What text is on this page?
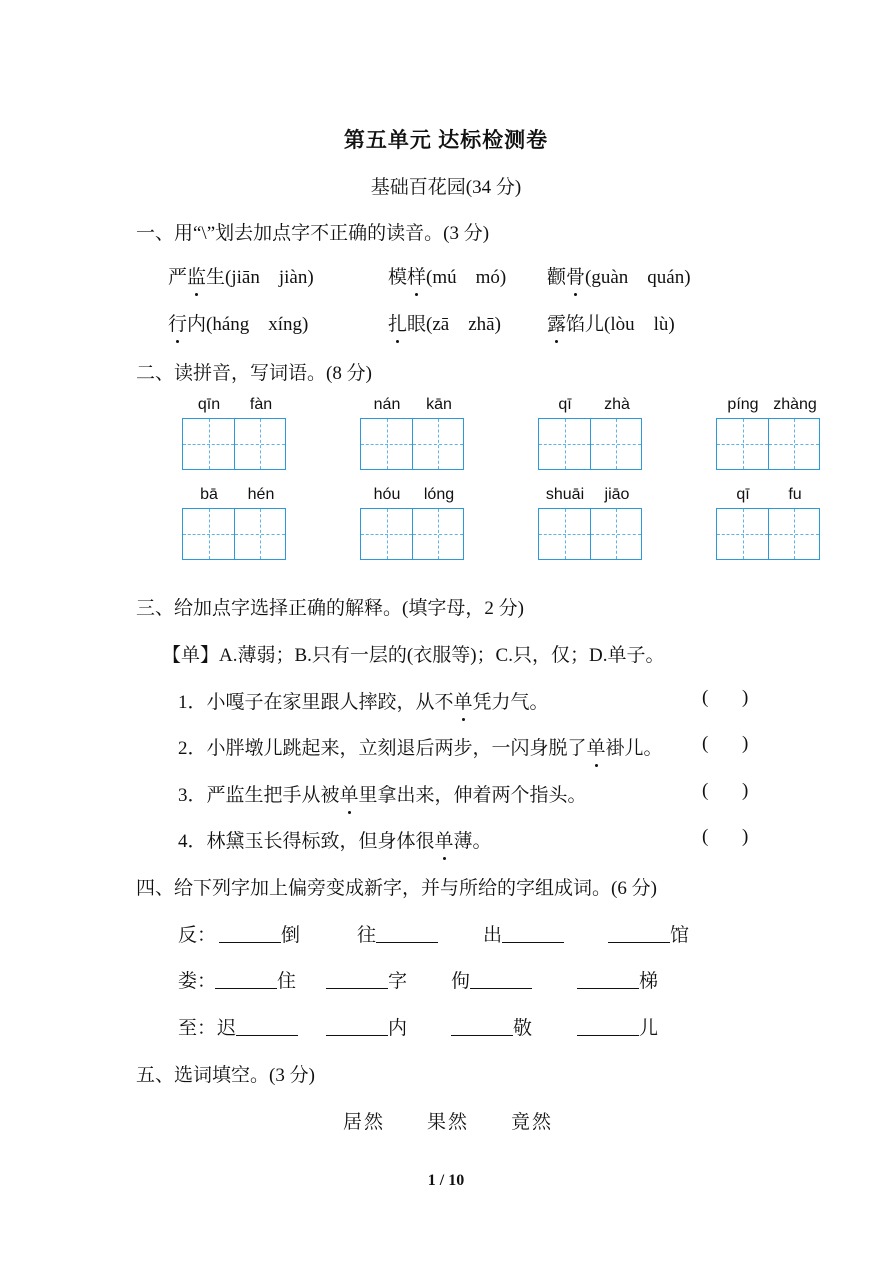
第五单元 达标检测卷
基础百花园(34 分)
一、用“\”划去加点字不正确的读音。(3 分)
严监生(jiān　jiàn)	模样(mú　mó) 颧骨(guàn　quán)
行内(háng　xíng)	扎眼(zā　zhā) 露馅儿(lòu　lù)
二、读拼音，写词语。(8 分)
qīn	fàn	nán	kān	qī	zhà	píng zhàng
bā	hén	hóu	lóng	shuāi	jiāo	qī	fu
三、给加点字选择正确的解释。(填字母，2 分)
【单】A.薄弱；B.只有一层的(衣服等)；C.只，仅；D.单子。
1．小嘎子在家里跟人摔跤，从不单凭力气。	( )
2．小胖墩儿跳起来，立刻退后两步，一闪身脱了单褂儿。 ( )
3．严监生把手从被单里拿出来，伸着两个指头。	( )
4．林黛玉长得标致，但身体很单薄。	( )
四、给下列字加上偏旁变成新字，并与所给的字组成词。(6 分)
反：	倒	往	出	馆
娄：	住	字 佝	梯
至： 迟	内	敬	儿
五、选词填空。(3 分)
居然 果然 竟然
1 / 10
